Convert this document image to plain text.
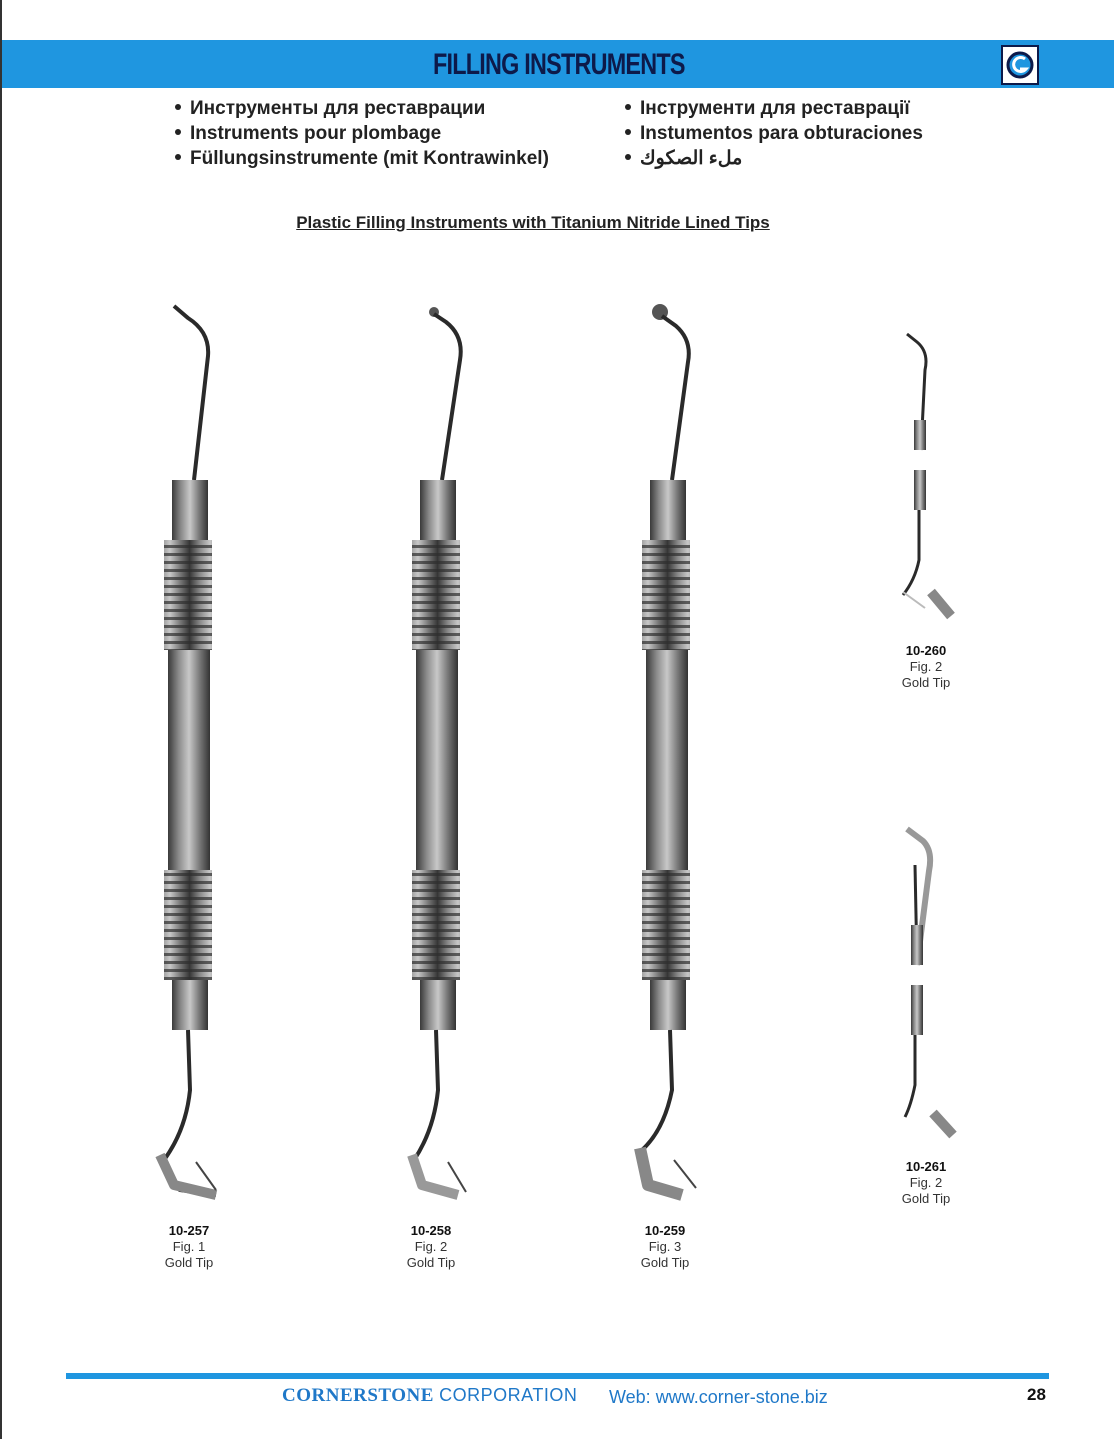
FILLING INSTRUMENTS
Инструменты для реставрации
Instruments pour plombage
Füllungsinstrumente (mit Kontrawinkel)
Інструменти для реставрації
Instumentos para obturaciones
ملء الصكوك
Plastic Filling Instruments with Titanium Nitride Lined Tips
10-257
Fig. 1
Gold Tip
10-258
Fig. 2
Gold Tip
10-259
Fig. 3
Gold Tip
10-260
Fig. 2
Gold Tip
10-261
Fig. 2
Gold Tip
CORNERSTONE CORPORATION Web: www.corner-stone.biz	28
